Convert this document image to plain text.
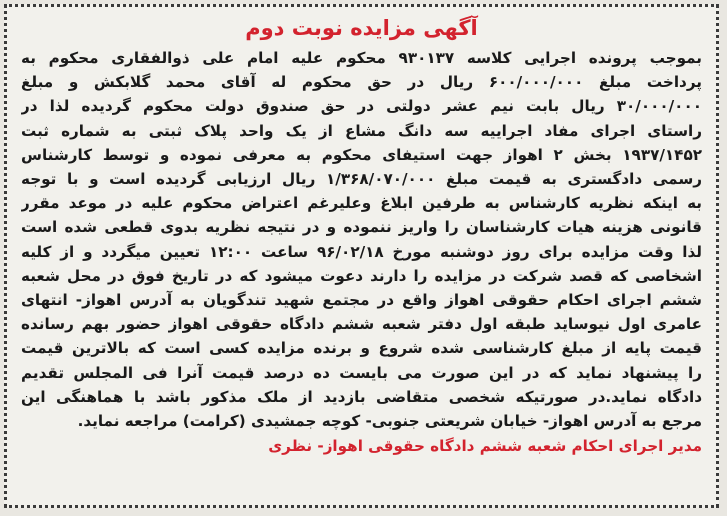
آگهی مزایده نوبت دوم
بموجب پرونده اجرایی کلاسه ۹۳۰۱۳۷ محکوم علیه امام علی ذوالفقاری محکوم به
پرداخت مبلغ ۶۰۰/۰۰۰/۰۰۰ ریال در حق محکوم له آقای محمد گلابکش و مبلغ
۳۰/۰۰۰/۰۰۰ ریال بابت نیم عشر دولتی در حق صندوق دولت محکوم گردیده لذا در
راستای اجرای مفاد اجراییه سه دانگ مشاع از یک واحد پلاک ثبتی به شماره ثبت
۱۹۳۷/۱۴۵۲ بخش ۲ اهواز جهت استیفای محکوم به معرفی نموده و توسط کارشناس
رسمی دادگستری به قیمت مبلغ ۱/۳۶۸/۰۷۰/۰۰۰ ریال ارزیابی گردیده است و با توجه
به اینکه نظریه کارشناس به طرفین ابلاغ وعلیرغم اعتراض محکوم علیه در موعد مقرر
قانونی هزینه هیات کارشناسان را واریز ننموده و در نتیجه نظریه بدوی قطعی شده است
لذا وقت مزایده برای روز دوشنبه مورخ ۹۶/۰۲/۱۸ ساعت ۱۲:۰۰ تعیین میگردد و از کلیه
اشخاصی که قصد شرکت در مزایده را دارند دعوت میشود که در تاریخ فوق در محل شعبه
ششم اجرای احکام حقوقی اهواز واقع در مجتمع شهید تندگویان به آدرس اهواز- انتهای
عامری اول نیوساید طبقه اول دفتر شعبه ششم دادگاه حقوقی اهواز حضور بهم رسانده
قیمت پایه از مبلغ کارشناسی شده شروع و برنده مزایده کسی است که بالاترین قیمت
را پیشنهاد نماید که در این صورت می بایست ده درصد قیمت آنرا فی المجلس تقدیم
دادگاه نماید.در صورتیکه شخصی متقاضی بازدید از ملک مذکور باشد با هماهنگی این
مرجع به آدرس اهواز- خیابان شریعتی جنوبی- کوچه جمشیدی (کرامت) مراجعه نماید.
مدیر اجرای احکام شعبه ششم دادگاه حقوقی اهواز- نظری
